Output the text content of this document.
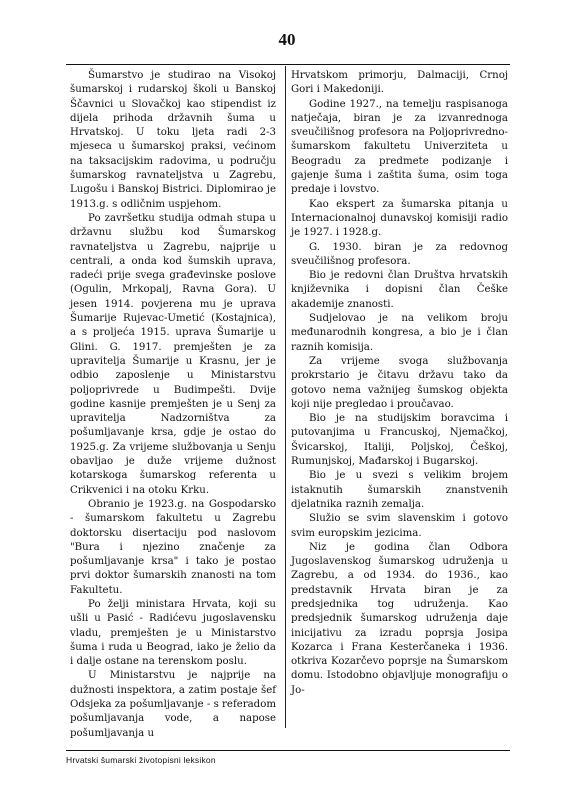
40

Šumarstvo je studirao na Visokoj šumarskoj i rudarskoj školi u Banskoj Ščavnici u Slovačkoj kao stipendist iz dijela prihoda državnih šuma u Hrvatskoj. U toku ljeta radi 2-3 mjeseca u šumarskoj praksi, većinom na taksacijskim radovima, u području šumarskog ravnateljstva u Zagrebu, Lugošu i Banskoj Bistrici. Diplomirao je 1913.g. s odličnim uspjehom.

Po završetku studija odmah stupa u državnu službu kod Šumarskog ravnateljstva u Zagrebu, najprije u centrali, a onda kod šumskih uprava, radeći prije svega građevinske poslove (Ogulin, Mrkopalj, Ravna Gora). U jesen 1914. povjerena mu je uprava Šumarije Rujevac-Umetić (Kostajnica), a s proljeća 1915. uprava Šumarije u Glini. G. 1917. premješten je za upravitelja Šumarije u Krasnu, jer je odbio zaposlenje u Ministarstvu poljoprivrede u Budimpešti. Dvije godine kasnije premješten je u Senj za upravitelja Nadzorništva za pošumljavanje krsa, gdje je ostao do 1925.g. Za vrijeme službovanja u Senju obavljao je duže vrijeme dužnost kotarskoga šumarskog referenta u Crikvenici i na otoku Krku.

Obranio je 1923.g. na Gospodarsko - šumarskom fakultetu u Zagrebu doktorsku disertaciju pod naslovom "Bura i njezino značenje za pošumljavanje krsa" i tako je postao prvi doktor šumarskih znanosti na tom Fakultetu.

Po želji ministara Hrvata, koji su ušli u Pasić - Radićevu jugoslavensku vladu, premješten je u Ministarstvo šuma i ruda u Beograd, iako je želio da i dalje ostane na terenskom poslu.

U Ministarstvu je najprije na dužnosti inspektora, a zatim postaje šef Odsjeka za pošumljavanje - s referadom pošumljavanja vode, a napose pošumljavanja u

Hrvatskom primorju, Dalmaciji, Crnoj Gori i Makedoniji.

Godine 1927., na temelju raspisanoga natječaja, biran je za izvanrednoga sveučilišnog profesora na Poljoprivredno-šumarskom fakultetu Univerziteta u Beogradu za predmete podizanje i gajenje šuma i zaštita šuma, osim toga predaje i lovstvo.

Kao ekspert za šumarska pitanja u Internacionalnoj dunavskoj komisiji radio je 1927. i 1928.g.

G. 1930. biran je za redovnog sveučilišnog profesora.

Bio je redovni član Društva hrvatskih književnika i dopisni član Češke akademije znanosti.

Sudjelovao je na velikom broju međunarodnih kongresa, a bio je i član raznih komisija.

Za vrijeme svoga službovanja prokrstario je čitavu državu tako da gotovo nema važnijeg šumskog objekta koji nije pregledao i proučavao.

Bio je na studijskim boravcima i putovanjima u Francuskoj, Njemačkoj, Švicarskoj, Italiji, Poljskoj, Češkoj, Rumunjskoj, Mađarskoj i Bugarskoj.

Bio je u svezi s velikim brojem istaknutih šumarskih znanstvenih djelatnika raznih zemalja.

Služio se svim slavenskim i gotovo svim europskim jezicima.

Niz je godina član Odbora Jugoslavenskog šumarskog udruženja u Zagrebu, a od 1934. do 1936., kao predstavnik Hrvata biran je za predsjednika tog udruženja. Kao predsjednik šumarskog udruženja daje inicijativu za izradu poprsja Josipa Kozarca i Frana Kesterčaneka i 1936. otkriva Kozarčevo poprsje na Šumarskom domu. Istodobno objavljuje monografiju o Jo-

Hrvatski šumarski životopisni leksikon
